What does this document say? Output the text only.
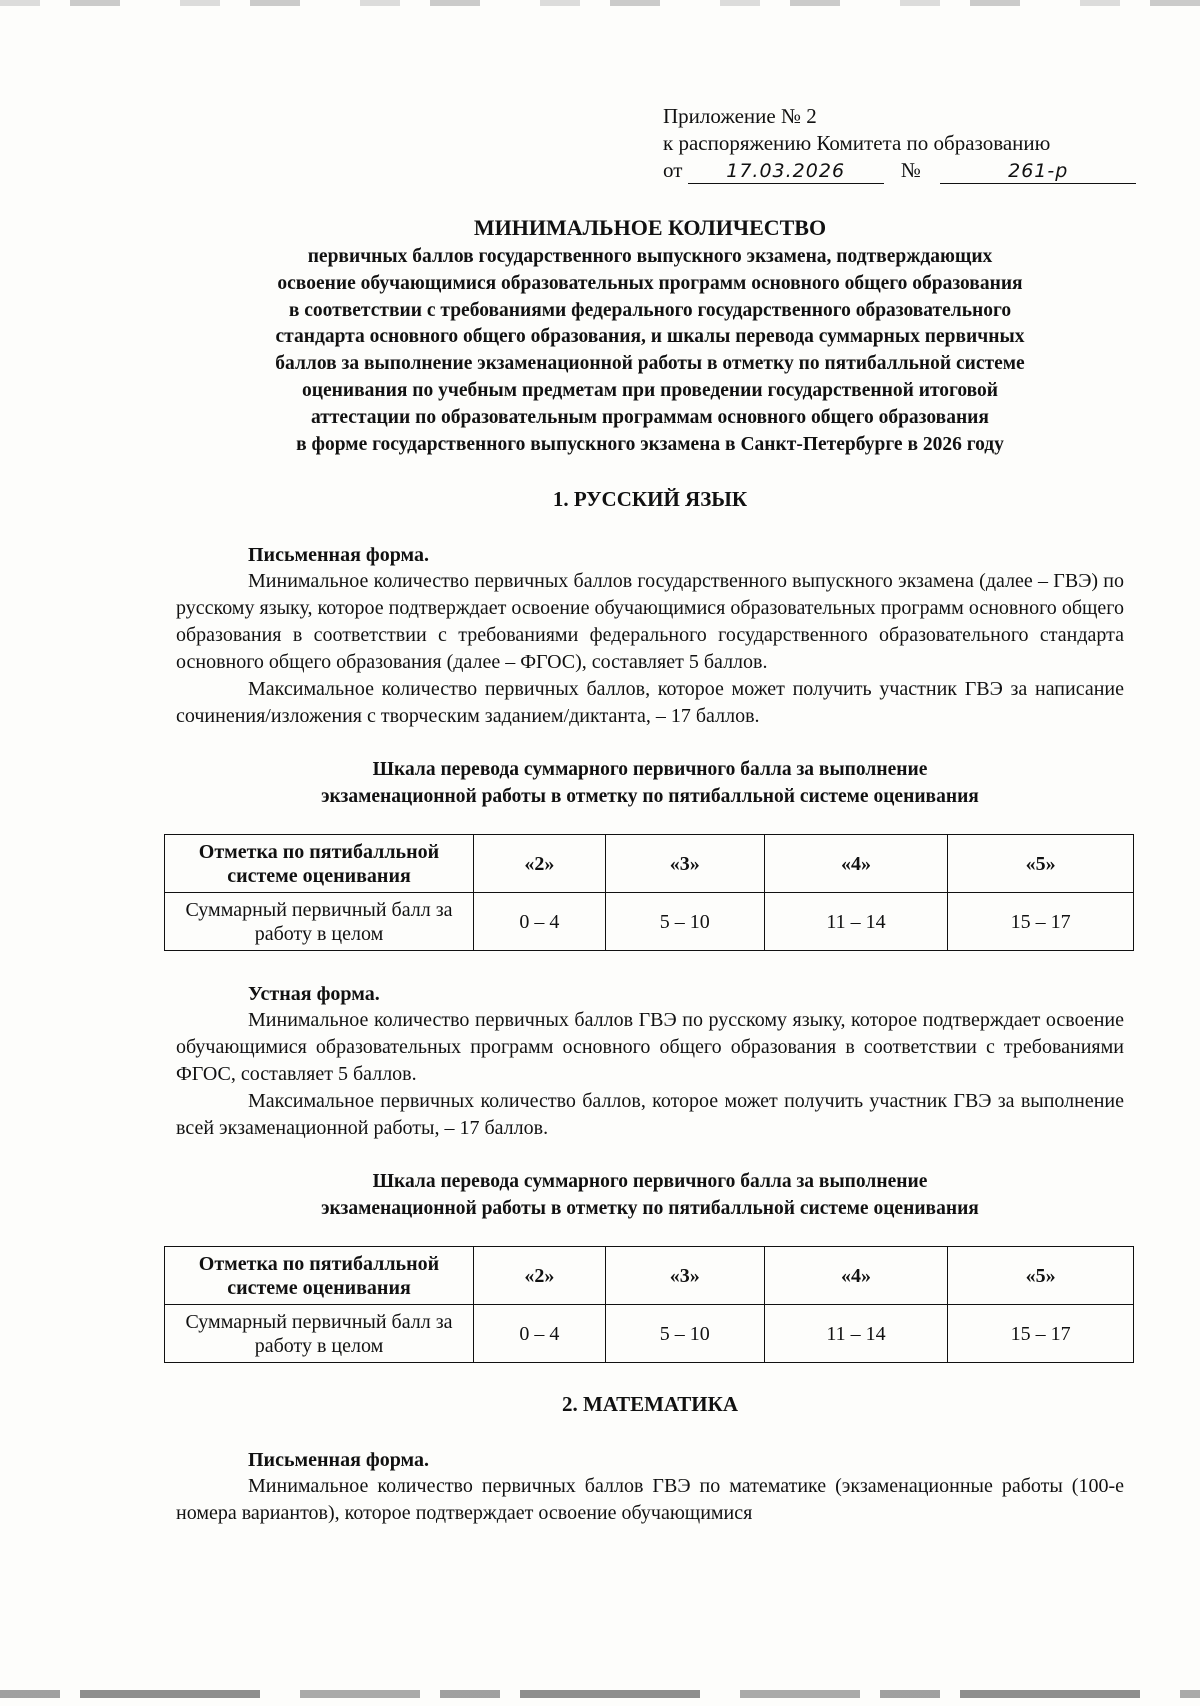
Приложение № 2
к распоряжению Комитета по образованию
от 17.03.2026	№	261-р
МИНИМАЛЬНОЕ КОЛИЧЕСТВО
первичных баллов государственного выпускного экзамена, подтверждающих
освоение обучающимися образовательных программ основного общего образования
в соответствии с требованиями федерального государственного образовательного
стандарта основного общего образования, и шкалы перевода суммарных первичных
баллов за выполнение экзаменационной работы в отметку по пятибалльной системе
оценивания по учебным предметам при проведении государственной итоговой
аттестации по образовательным программам основного общего образования
в форме государственного выпускного экзамена в Санкт-Петербурге в 2026 году
1. РУССКИЙ ЯЗЫК
Письменная форма.

Минимальное количество первичных баллов государственного выпускного экзамена (далее – ГВЭ) по русскому языку, которое подтверждает освоение обучающимися образовательных программ основного общего образования в соответствии с требованиями федерального государственного образовательного стандарта основного общего образования (далее – ФГОС), составляет 5 баллов.

Максимальное количество первичных баллов, которое может получить участник ГВЭ за написание сочинения/изложения с творческим заданием/диктанта, – 17 баллов.

Шкала перевода суммарного первичного балла за выполнение
экзаменационной работы в отметку по пятибалльной системе оценивания
Отметка по пятибалльной системе оценивания	«2»	«3»	«4»	«5»
Суммарный первичный балл за работу в целом	0 – 4	5 – 10	11 – 14	15 – 17
Устная форма.

Минимальное количество первичных баллов ГВЭ по русскому языку, которое подтверждает освоение обучающимися образовательных программ основного общего образования в соответствии с требованиями ФГОС, составляет 5 баллов.

Максимальное первичных количество баллов, которое может получить участник ГВЭ за выполнение всей экзаменационной работы, – 17 баллов.

Шкала перевода суммарного первичного балла за выполнение
экзаменационной работы в отметку по пятибалльной системе оценивания
Отметка по пятибалльной системе оценивания	«2»	«3»	«4»	«5»
Суммарный первичный балл за работу в целом	0 – 4	5 – 10	11 – 14	15 – 17
2. МАТЕМАТИКА
Письменная форма.

Минимальное количество первичных баллов ГВЭ по математике (экзаменационные работы (100-е номера вариантов), которое подтверждает освоение обучающимися
